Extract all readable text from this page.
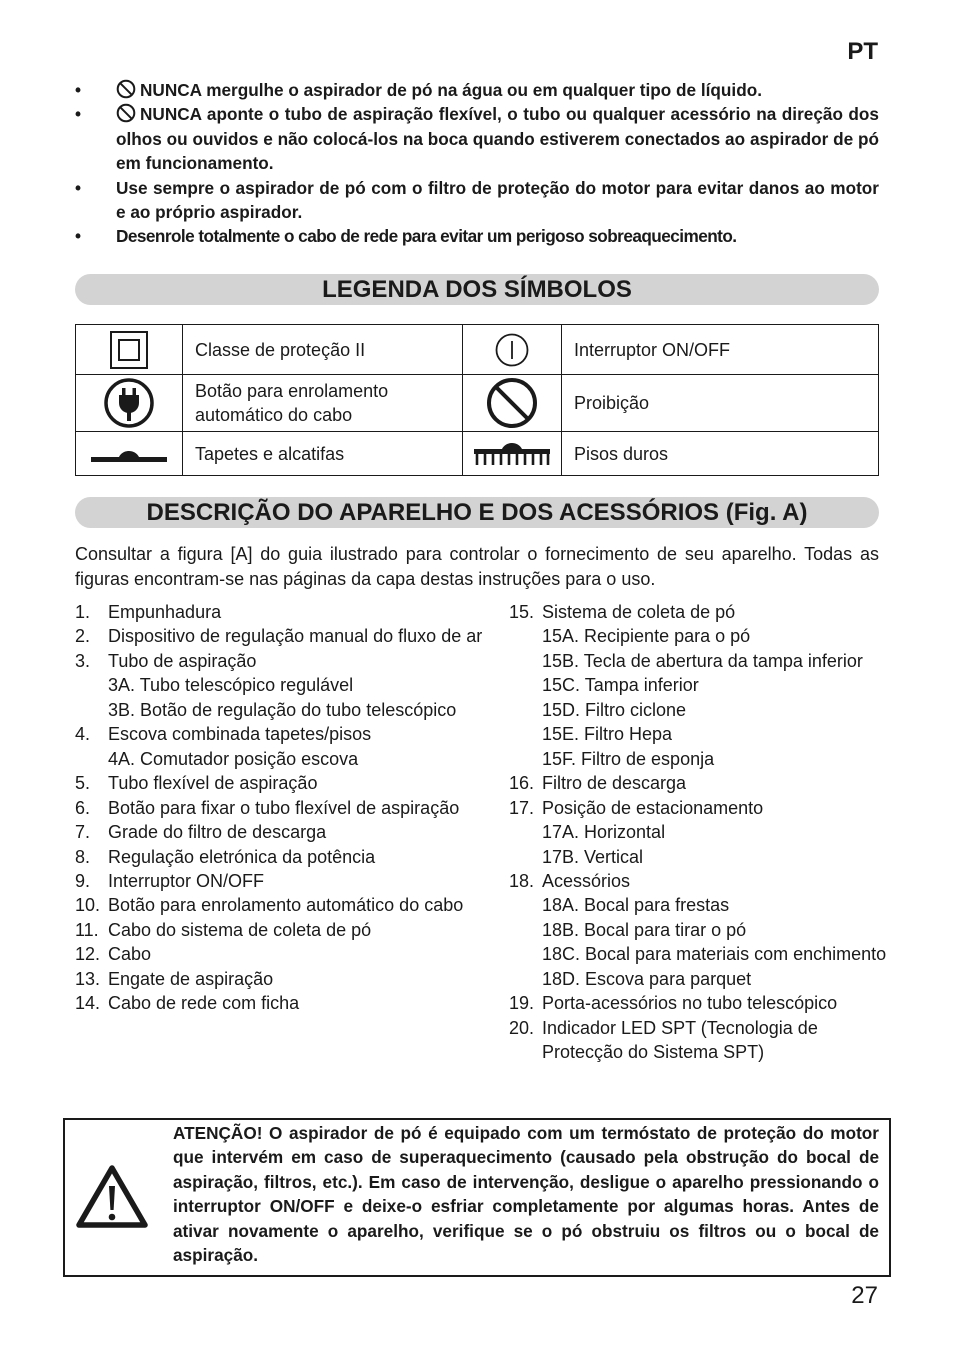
PT

•	NUNCA mergulhe o aspirador de pó na água ou em qualquer tipo de líquido.

•	NUNCA aponte o tubo de aspiração flexível, o tubo ou qualquer acessório na direção dos olhos ou ouvidos e não colocá-los na boca quando estiverem conectados ao aspirador de pó em funcionamento.

• Use sempre o aspirador de pó com o filtro de proteção do motor para evitar danos ao motor e ao próprio aspirador.

• Desenrole totalmente o cabo de rede para evitar um perigoso sobreaquecimento.

LEGENDA DOS SÍMBOLOS
	Classe de proteção II		Interruptor ON/OFF

	Botão para enrolamento automático do cabo		Proibição

	Tapetes e alcatifas		Pisos duros
DESCRIÇÃO DO APARELHO E DOS ACESSÓRIOS (Fig. A)
Consultar a figura [A] do guia ilustrado para controlar o fornecimento de seu aparelho. Todas as figuras encontram-se nas páginas da capa destas instruções para o uso.
1. Empunhadura
2. Dispositivo de regulação manual do fluxo de ar
3. Tubo de aspiração
3A. Tubo telescópico regulável
3B. Botão de regulação do tubo telescópico
4. Escova combinada tapetes/pisos
4A. Comutador posição escova
5. Tubo flexível de aspiração
6. Botão para fixar o tubo flexível de aspiração
7. Grade do filtro de descarga
8. Regulação eletrónica da potência
9. Interruptor ON/OFF
10. Botão para enrolamento automático do cabo
11. Cabo do sistema de coleta de pó
12. Cabo
13. Engate de aspiração
14. Cabo de rede com ficha
15. Sistema de coleta de pó
15A. Recipiente para o pó
15B. Tecla de abertura da tampa inferior
15C. Tampa inferior
15D. Filtro ciclone
15E. Filtro Hepa
15F. Filtro de esponja
16. Filtro de descarga
17. Posição de estacionamento
17A. Horizontal
17B. Vertical
18. Acessórios
18A. Bocal para frestas
18B. Bocal para tirar o pó
18C. Bocal para materiais com enchimento
18D. Escova para parquet
19. Porta-acessórios no tubo telescópico
20. Indicador LED SPT (Tecnologia de Protecção do Sistema SPT)
ATENÇÃO! O aspirador de pó é equipado com um termóstato de proteção do motor que intervém em caso de superaquecimento (causado pela obstrução do bocal de aspiração, filtros, etc.). Em caso de intervenção, desligue o aparelho pressionando o interruptor ON/OFF e deixe-o esfriar completamente por algumas horas. Antes de ativar novamente o aparelho, verifique se o pó obstruiu os filtros ou o bocal de aspiração.
27
